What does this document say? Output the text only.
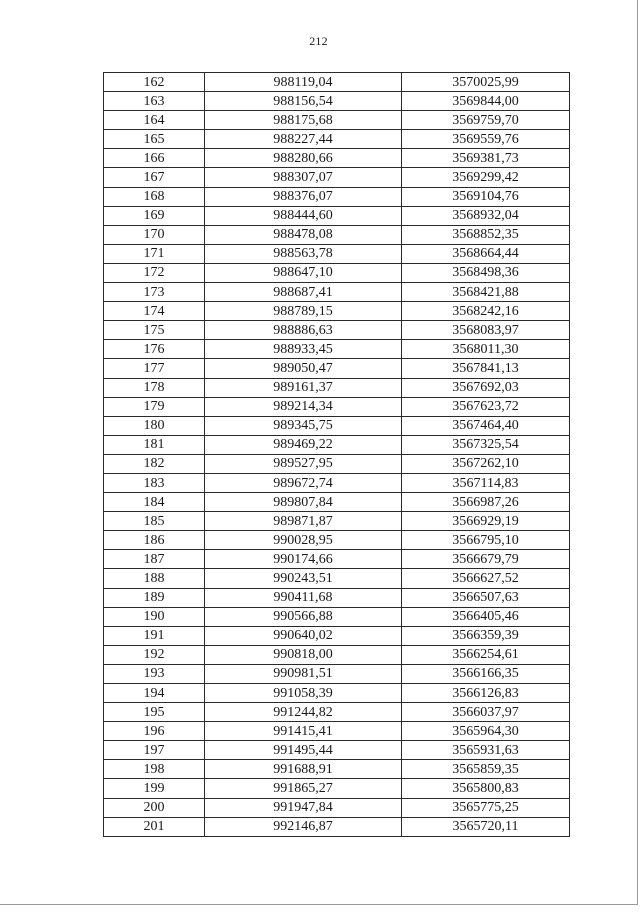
212
162	988119,04	3570025,99
163	988156,54	3569844,00
164	988175,68	3569759,70
165	988227,44	3569559,76
166	988280,66	3569381,73
167	988307,07	3569299,42
168	988376,07	3569104,76
169	988444,60	3568932,04
170	988478,08	3568852,35
171	988563,78	3568664,44
172	988647,10	3568498,36
173	988687,41	3568421,88
174	988789,15	3568242,16
175	988886,63	3568083,97
176	988933,45	3568011,30
177	989050,47	3567841,13
178	989161,37	3567692,03
179	989214,34	3567623,72
180	989345,75	3567464,40
181	989469,22	3567325,54
182	989527,95	3567262,10
183	989672,74	3567114,83
184	989807,84	3566987,26
185	989871,87	3566929,19
186	990028,95	3566795,10
187	990174,66	3566679,79
188	990243,51	3566627,52
189	990411,68	3566507,63
190	990566,88	3566405,46
191	990640,02	3566359,39
192	990818,00	3566254,61
193	990981,51	3566166,35
194	991058,39	3566126,83
195	991244,82	3566037,97
196	991415,41	3565964,30
197	991495,44	3565931,63
198	991688,91	3565859,35
199	991865,27	3565800,83
200	991947,84	3565775,25
201	992146,87	3565720,11
